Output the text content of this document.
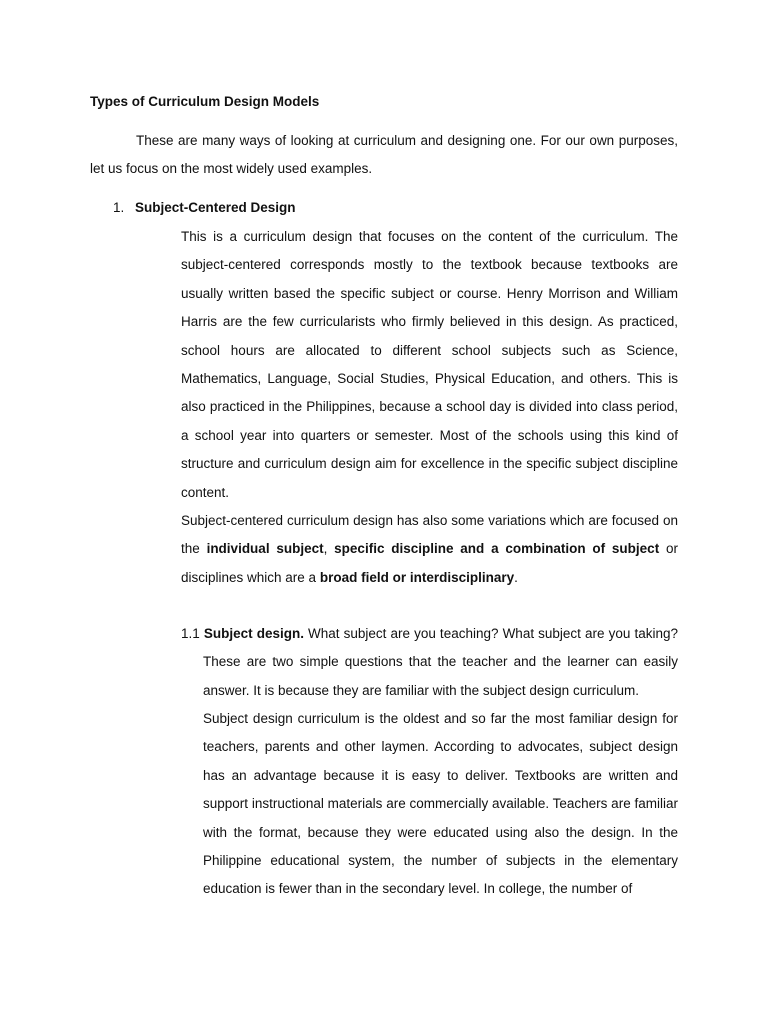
Types of Curriculum Design Models

These are many ways of looking at curriculum and designing one. For our own purposes, let us focus on the most widely used examples.

1. Subject-Centered Design

This is a curriculum design that focuses on the content of the curriculum. The subject-centered corresponds mostly to the textbook because textbooks are usually written based the specific subject or course. Henry Morrison and William Harris are the few curricularists who firmly believed in this design. As practiced, school hours are allocated to different school subjects such as Science, Mathematics, Language, Social Studies, Physical Education, and others. This is also practiced in the Philippines, because a school day is divided into class period, a school year into quarters or semester. Most of the schools using this kind of structure and curriculum design aim for excellence in the specific subject discipline content.

Subject-centered curriculum design has also some variations which are focused on the individual subject, specific discipline and a combination of subject or disciplines which are a broad field or interdisciplinary.

1.1 Subject design. What subject are you teaching? What subject are you taking? These are two simple questions that the teacher and the learner can easily answer. It is because they are familiar with the subject design curriculum.

Subject design curriculum is the oldest and so far the most familiar design for teachers, parents and other laymen. According to advocates, subject design has an advantage because it is easy to deliver. Textbooks are written and support instructional materials are commercially available. Teachers are familiar with the format, because they were educated using also the design. In the Philippine educational system, the number of subjects in the elementary education is fewer than in the secondary level. In college, the number of
